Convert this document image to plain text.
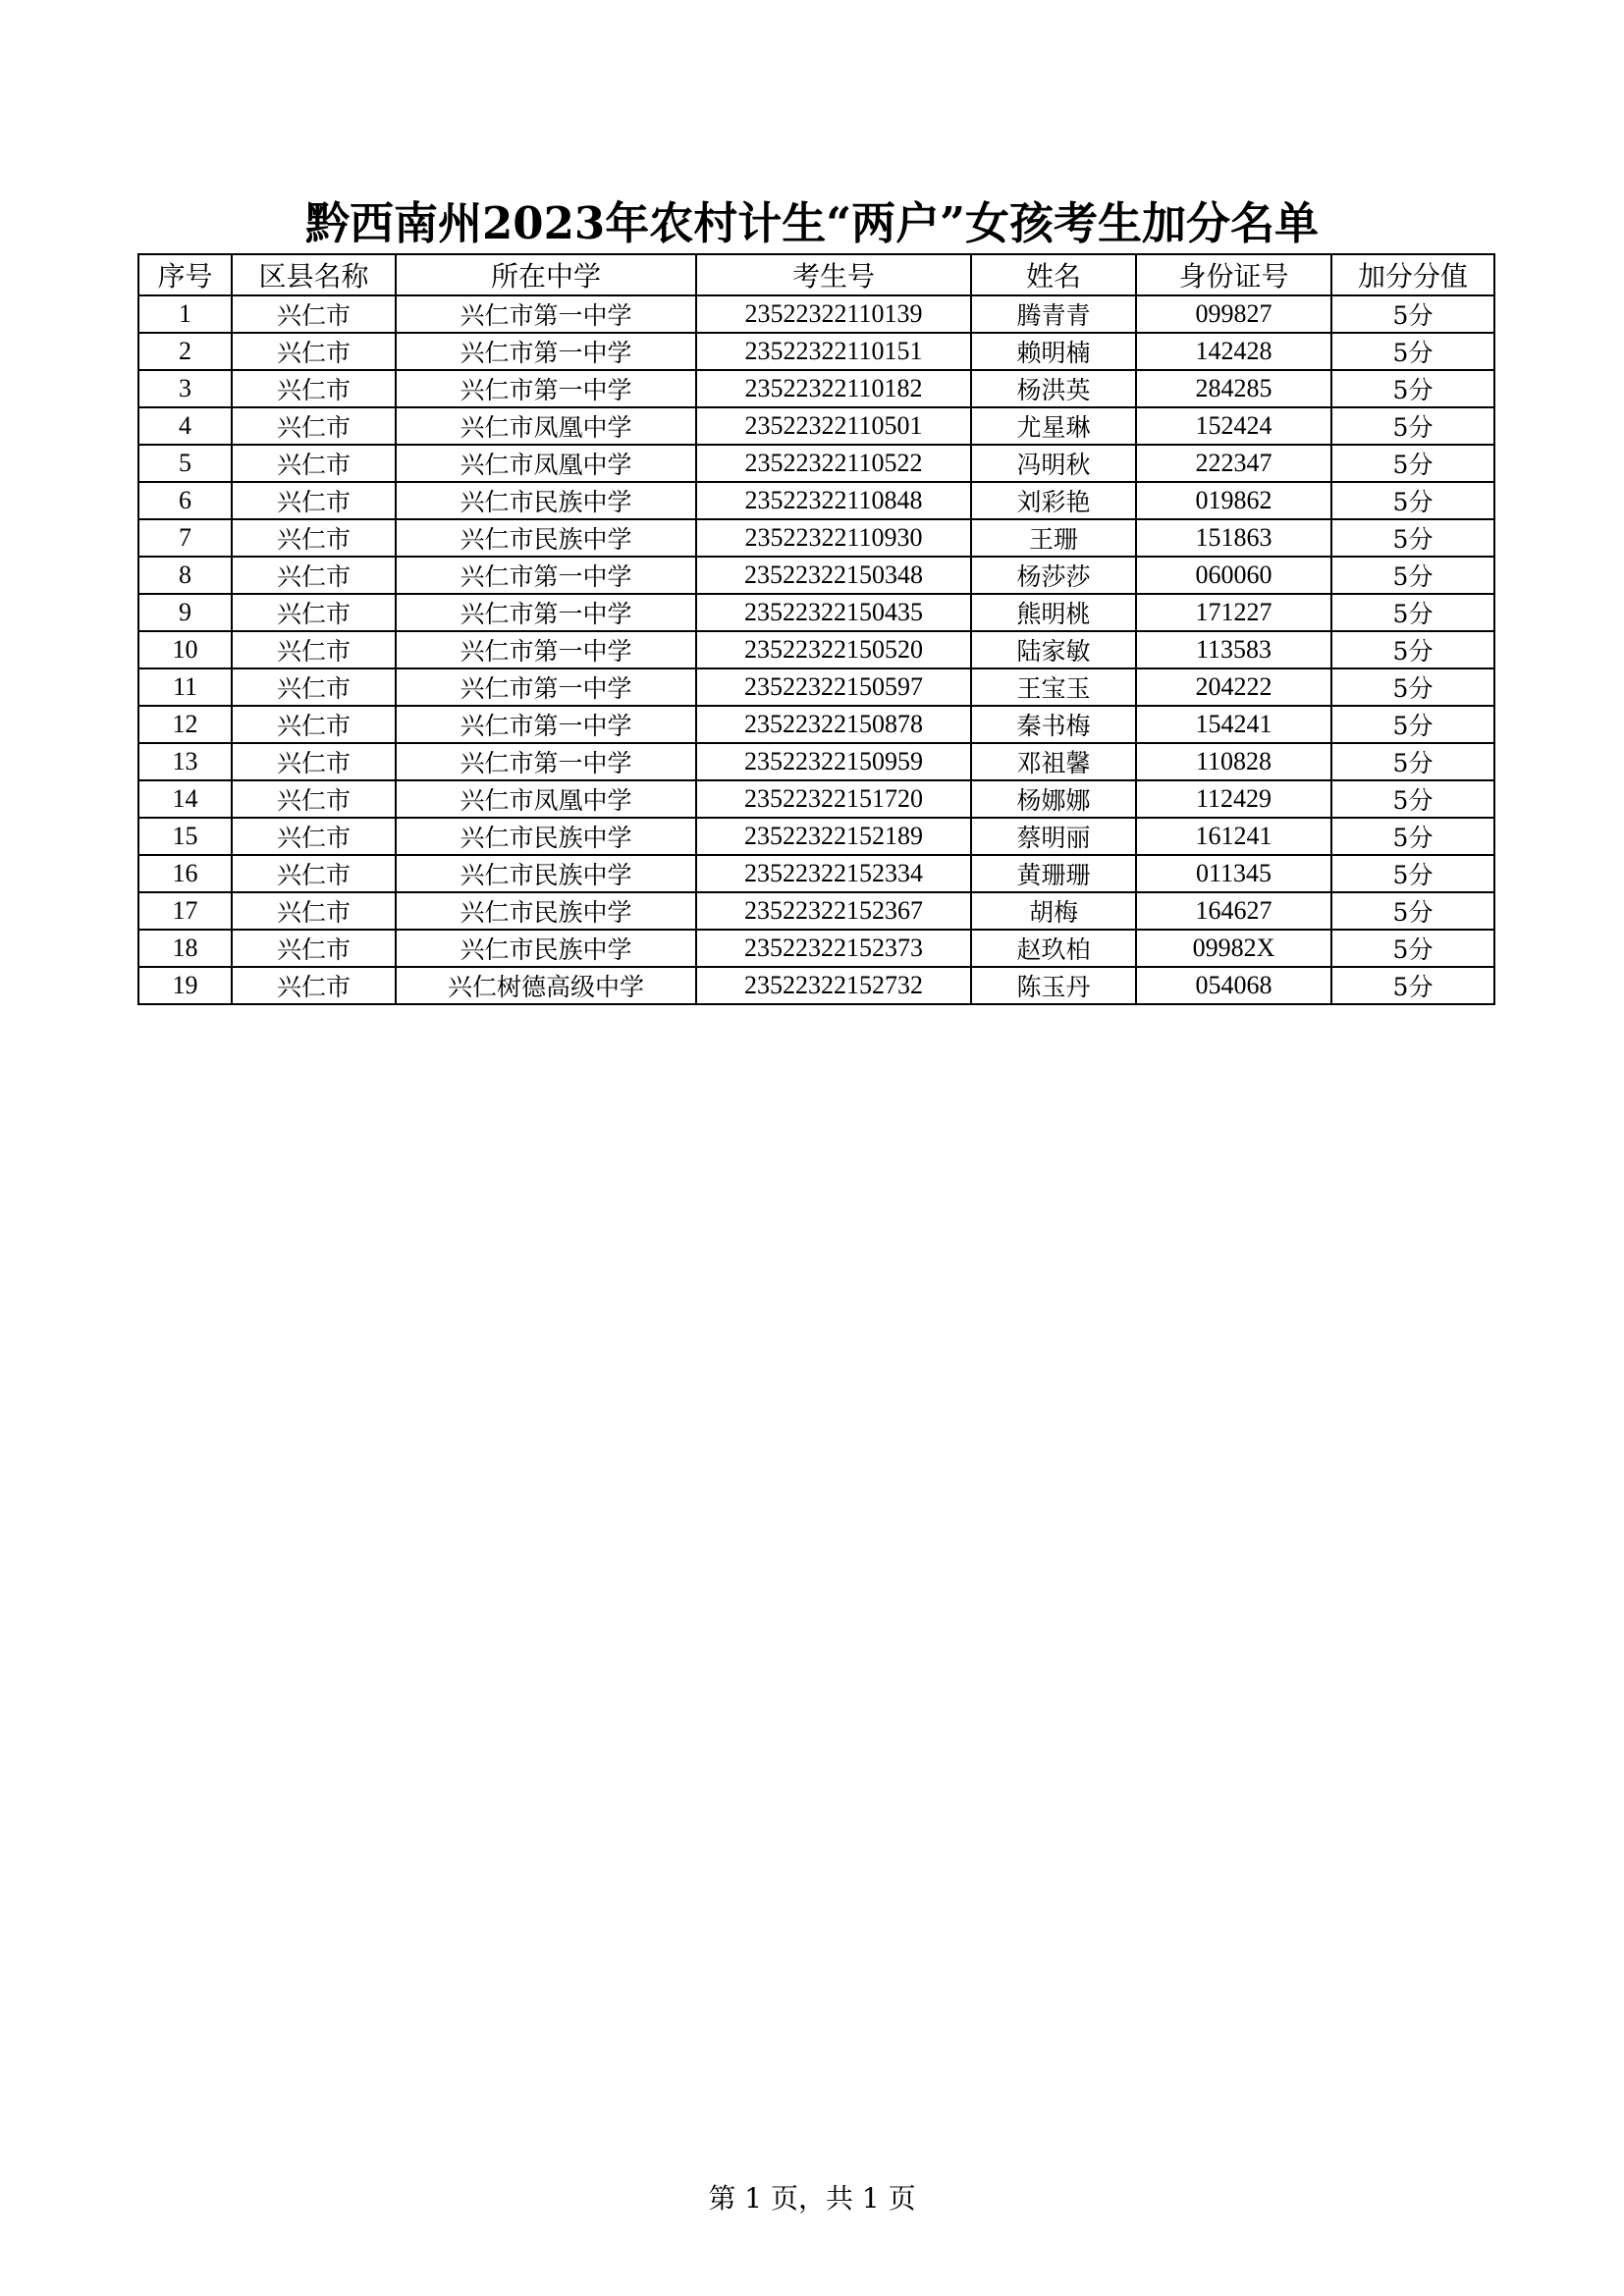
黔西南州2023年农村计生“两户”女孩考生加分名单
序号	区县名称	所在中学	考生号	姓名	身份证号	加分分值
1	兴仁市	兴仁市第一中学	23522322110139	腾青青	099827	5分
2	兴仁市	兴仁市第一中学	23522322110151	赖明楠	142428	5分
3	兴仁市	兴仁市第一中学	23522322110182	杨洪英	284285	5分
4	兴仁市	兴仁市凤凰中学	23522322110501	尤星琳	152424	5分
5	兴仁市	兴仁市凤凰中学	23522322110522	冯明秋	222347	5分
6	兴仁市	兴仁市民族中学	23522322110848	刘彩艳	019862	5分
7	兴仁市	兴仁市民族中学	23522322110930	王珊	151863	5分
8	兴仁市	兴仁市第一中学	23522322150348	杨莎莎	060060	5分
9	兴仁市	兴仁市第一中学	23522322150435	熊明桃	171227	5分
10	兴仁市	兴仁市第一中学	23522322150520	陆家敏	113583	5分
11	兴仁市	兴仁市第一中学	23522322150597	王宝玉	204222	5分
12	兴仁市	兴仁市第一中学	23522322150878	秦书梅	154241	5分
13	兴仁市	兴仁市第一中学	23522322150959	邓祖馨	110828	5分
14	兴仁市	兴仁市凤凰中学	23522322151720	杨娜娜	112429	5分
15	兴仁市	兴仁市民族中学	23522322152189	蔡明丽	161241	5分
16	兴仁市	兴仁市民族中学	23522322152334	黄珊珊	011345	5分
17	兴仁市	兴仁市民族中学	23522322152367	胡梅	164627	5分
18	兴仁市	兴仁市民族中学	23522322152373	赵玖柏	09982X	5分
19	兴仁市	兴仁树德高级中学	23522322152732	陈玉丹	054068	5分
第 1 页，共 1 页
